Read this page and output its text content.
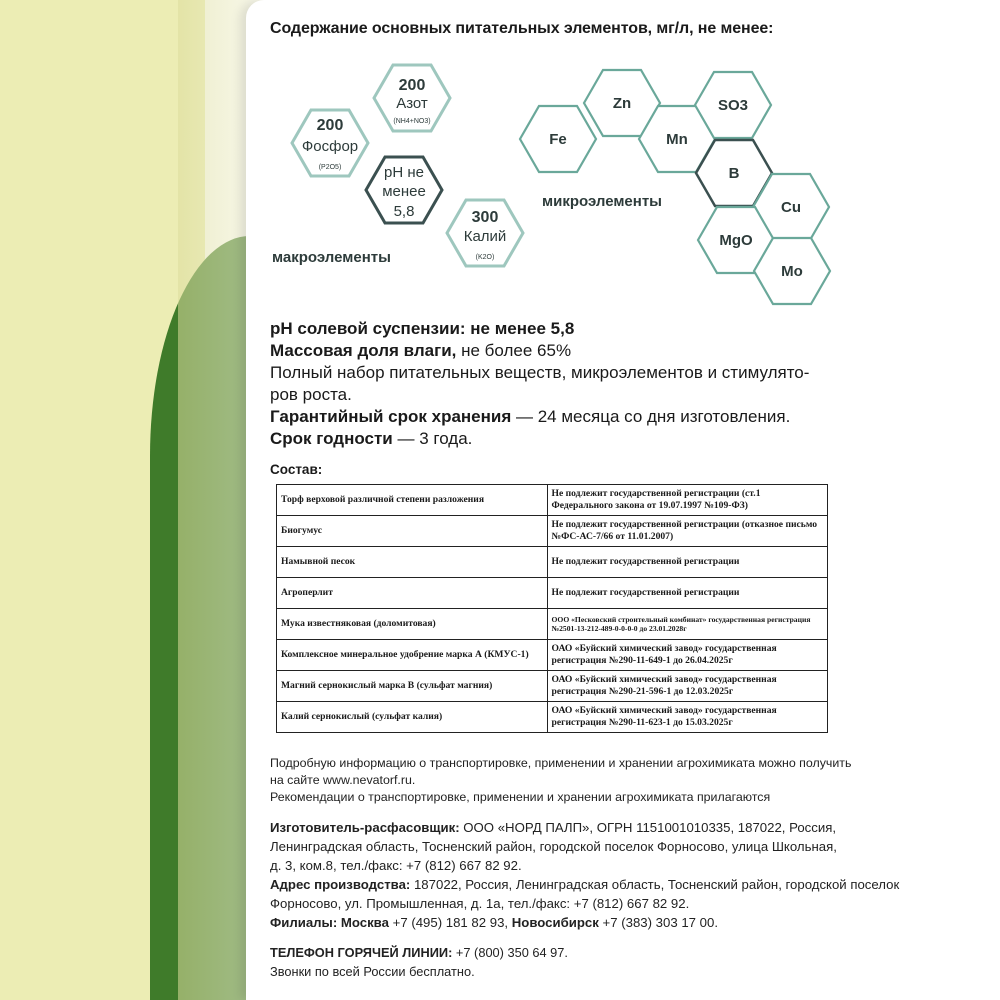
Содержание основных питательных элементов, мг/л, не менее:
200
Азот
(NH4+NO3)
200
Фосфор
(P2O5)	pH не
менее
5,8	300
Калий
(K2O)
макроэлементы
Fe
Zn
Mn
SO3
B
Cu
MgO
Mo
микроэлементы
pH солевой суспензии: не менее 5,8
Массовая доля влаги, не более 65%
Полный набор питательных веществ, микроэлементов и стимулято-
ров роста.
Гарантийный срок хранения — 24 месяца со дня изготовления.
Срок годности — 3 года.
Состав:
Торф верховой различной степени разложения	Не подлежит государственной регистрации (ст.1 Федерального закона от 19.07.1997 №109-ФЗ)
Биогумус	Не подлежит государственной регистрации (отказное письмо №ФС-АС-7/66 от 11.01.2007)
Намывной песок	Не подлежит государственной регистрации
Агроперлит	Не подлежит государственной регистрации
Мука известняковая (доломитовая)	ООО «Песковский строительный комбинат» государственная регистрация №2501-13-212-489-0-0-0-0 до 23.01.2028г

Комплексное минеральное удобрение марка А (КМУС-1)	ОАО «Буйский химический завод» государственная регистрация №290-11-649-1 до 26.04.2025г
Магний сернокислый марка В (сульфат магния)	ОАО «Буйский химический завод» государственная регистрация №290-21-596-1 до 12.03.2025г
Калий сернокислый (сульфат калия)	ОАО «Буйский химический завод» государственная регистрация №290-11-623-1 до 15.03.2025г
Подробную информацию о транспортировке, применении и хранении агрохимиката можно получить
на сайте www.nevatorf.ru.
Рекомендации о транспортировке, применении и хранении агрохимиката прилагаются
Изготовитель-расфасовщик: ООО «НОРД ПАЛП», ОГРН 1151001010335, 187022, Россия,
Ленинградская область, Тосненский район, городской поселок Форносово, улица Школьная,
д. 3, ком.8, тел./факс: +7 (812) 667 82 92.
Адрес производства: 187022, Россия, Ленинградская область, Тосненский район, городской поселок
Форносово, ул. Промышленная, д. 1а, тел./факс: +7 (812) 667 82 92.
Филиалы: Москва +7 (495) 181 82 93, Новосибирск +7 (383) 303 17 00.
ТЕЛЕФОН ГОРЯЧЕЙ ЛИНИИ: +7 (800) 350 64 97.
Звонки по всей России бесплатно.
